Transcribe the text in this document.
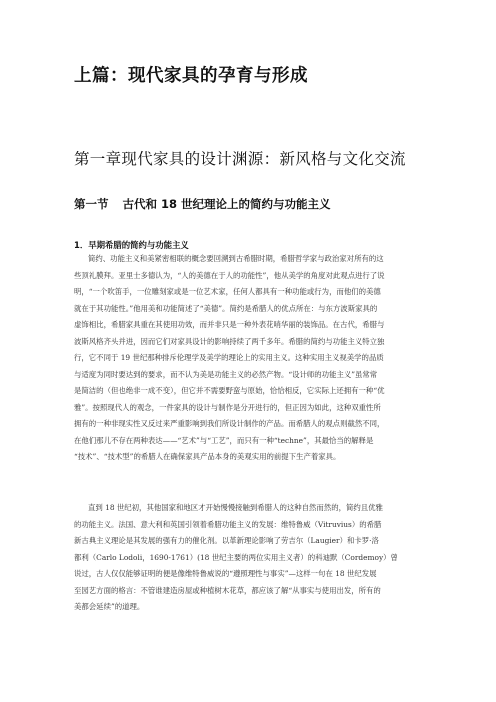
上篇：现代家具的孕育与形成
第一章现代家具的设计渊源：新风格与文化交流
第一节 古代和 18 世纪理论上的简约与功能主义
1．早期希腊的简约与功能主义
简约、功能主义和美紧密相联的概念要回溯到古希腊时期，希腊哲学家与政治家对所有的这
些顶礼膜拜。亚里士多德认为，“人的美德在于人的功能性”，他从美学的角度对此观点进行了说
明，“一个吹笛手，一位雕刻家或是一位艺术家，任何人都具有一种功能或行为，而他们的美德
就在于其功能性。”他用美和功能简述了“美德”。简约是希腊人的优点所在：与东方波斯家具的
虚饰相比，希腊家具重在其使用功效，而并非只是一种外表花哨华丽的装饰品。在古代，希腊与
波斯风格齐头并进，因而它们对家具设计的影响持续了两千多年。希腊的简约与功能主义特立独
行，它不同于 19 世纪那种排斥伦理学及美学的理论上的实用主义。这种实用主义视美学的品质
与适度为同时要达到的要求，而不认为美是功能主义的必然产物。“设计师的功能主义”虽常常
是简洁的（但也绝非一成不变），但它并不需要野蛮与原始，恰恰相反，它实际上还拥有一种“优
雅”。按照现代人的观念，一件家具的设计与制作是分开进行的，但正因为如此，这种双重性所
拥有的一种非现实性又反过来严重影响到我们所设计制作的产品。而希腊人的观点则截然不同，
在他们那儿不存在两种表达——“艺术”与“工艺”，而只有一种“techne”，其最恰当的解释是
“技术”、“技术型”的希腊人在确保家具产品本身的美观实用的前提下生产着家具。
直到 18 世纪初，其他国家和地区才开始慢慢接触到希腊人的这种自然而然的，简约且优雅
的功能主义。法国、意大利和英国引领着希腊功能主义的发展：维特鲁威（Vitruvius）的希腊
新古典主义理论是其发展的强有力的催化剂。以革新理论影响了劳吉尔（Laugier）和卡罗·洛
都利（Carlo Lodoli，1690-1761）(18 世纪主要的两位实用主义者）的科迪默（Cordemoy）曾
说过，古人仅仅能够证明的便是像维特鲁威说的“遵照理性与事实”—这样一句在 18 世纪发展
至园艺方面的格言：不管谁建造房屋或种植树木花草，都应该了解“从事实与使用出发，所有的
美都会延续”的道理。
